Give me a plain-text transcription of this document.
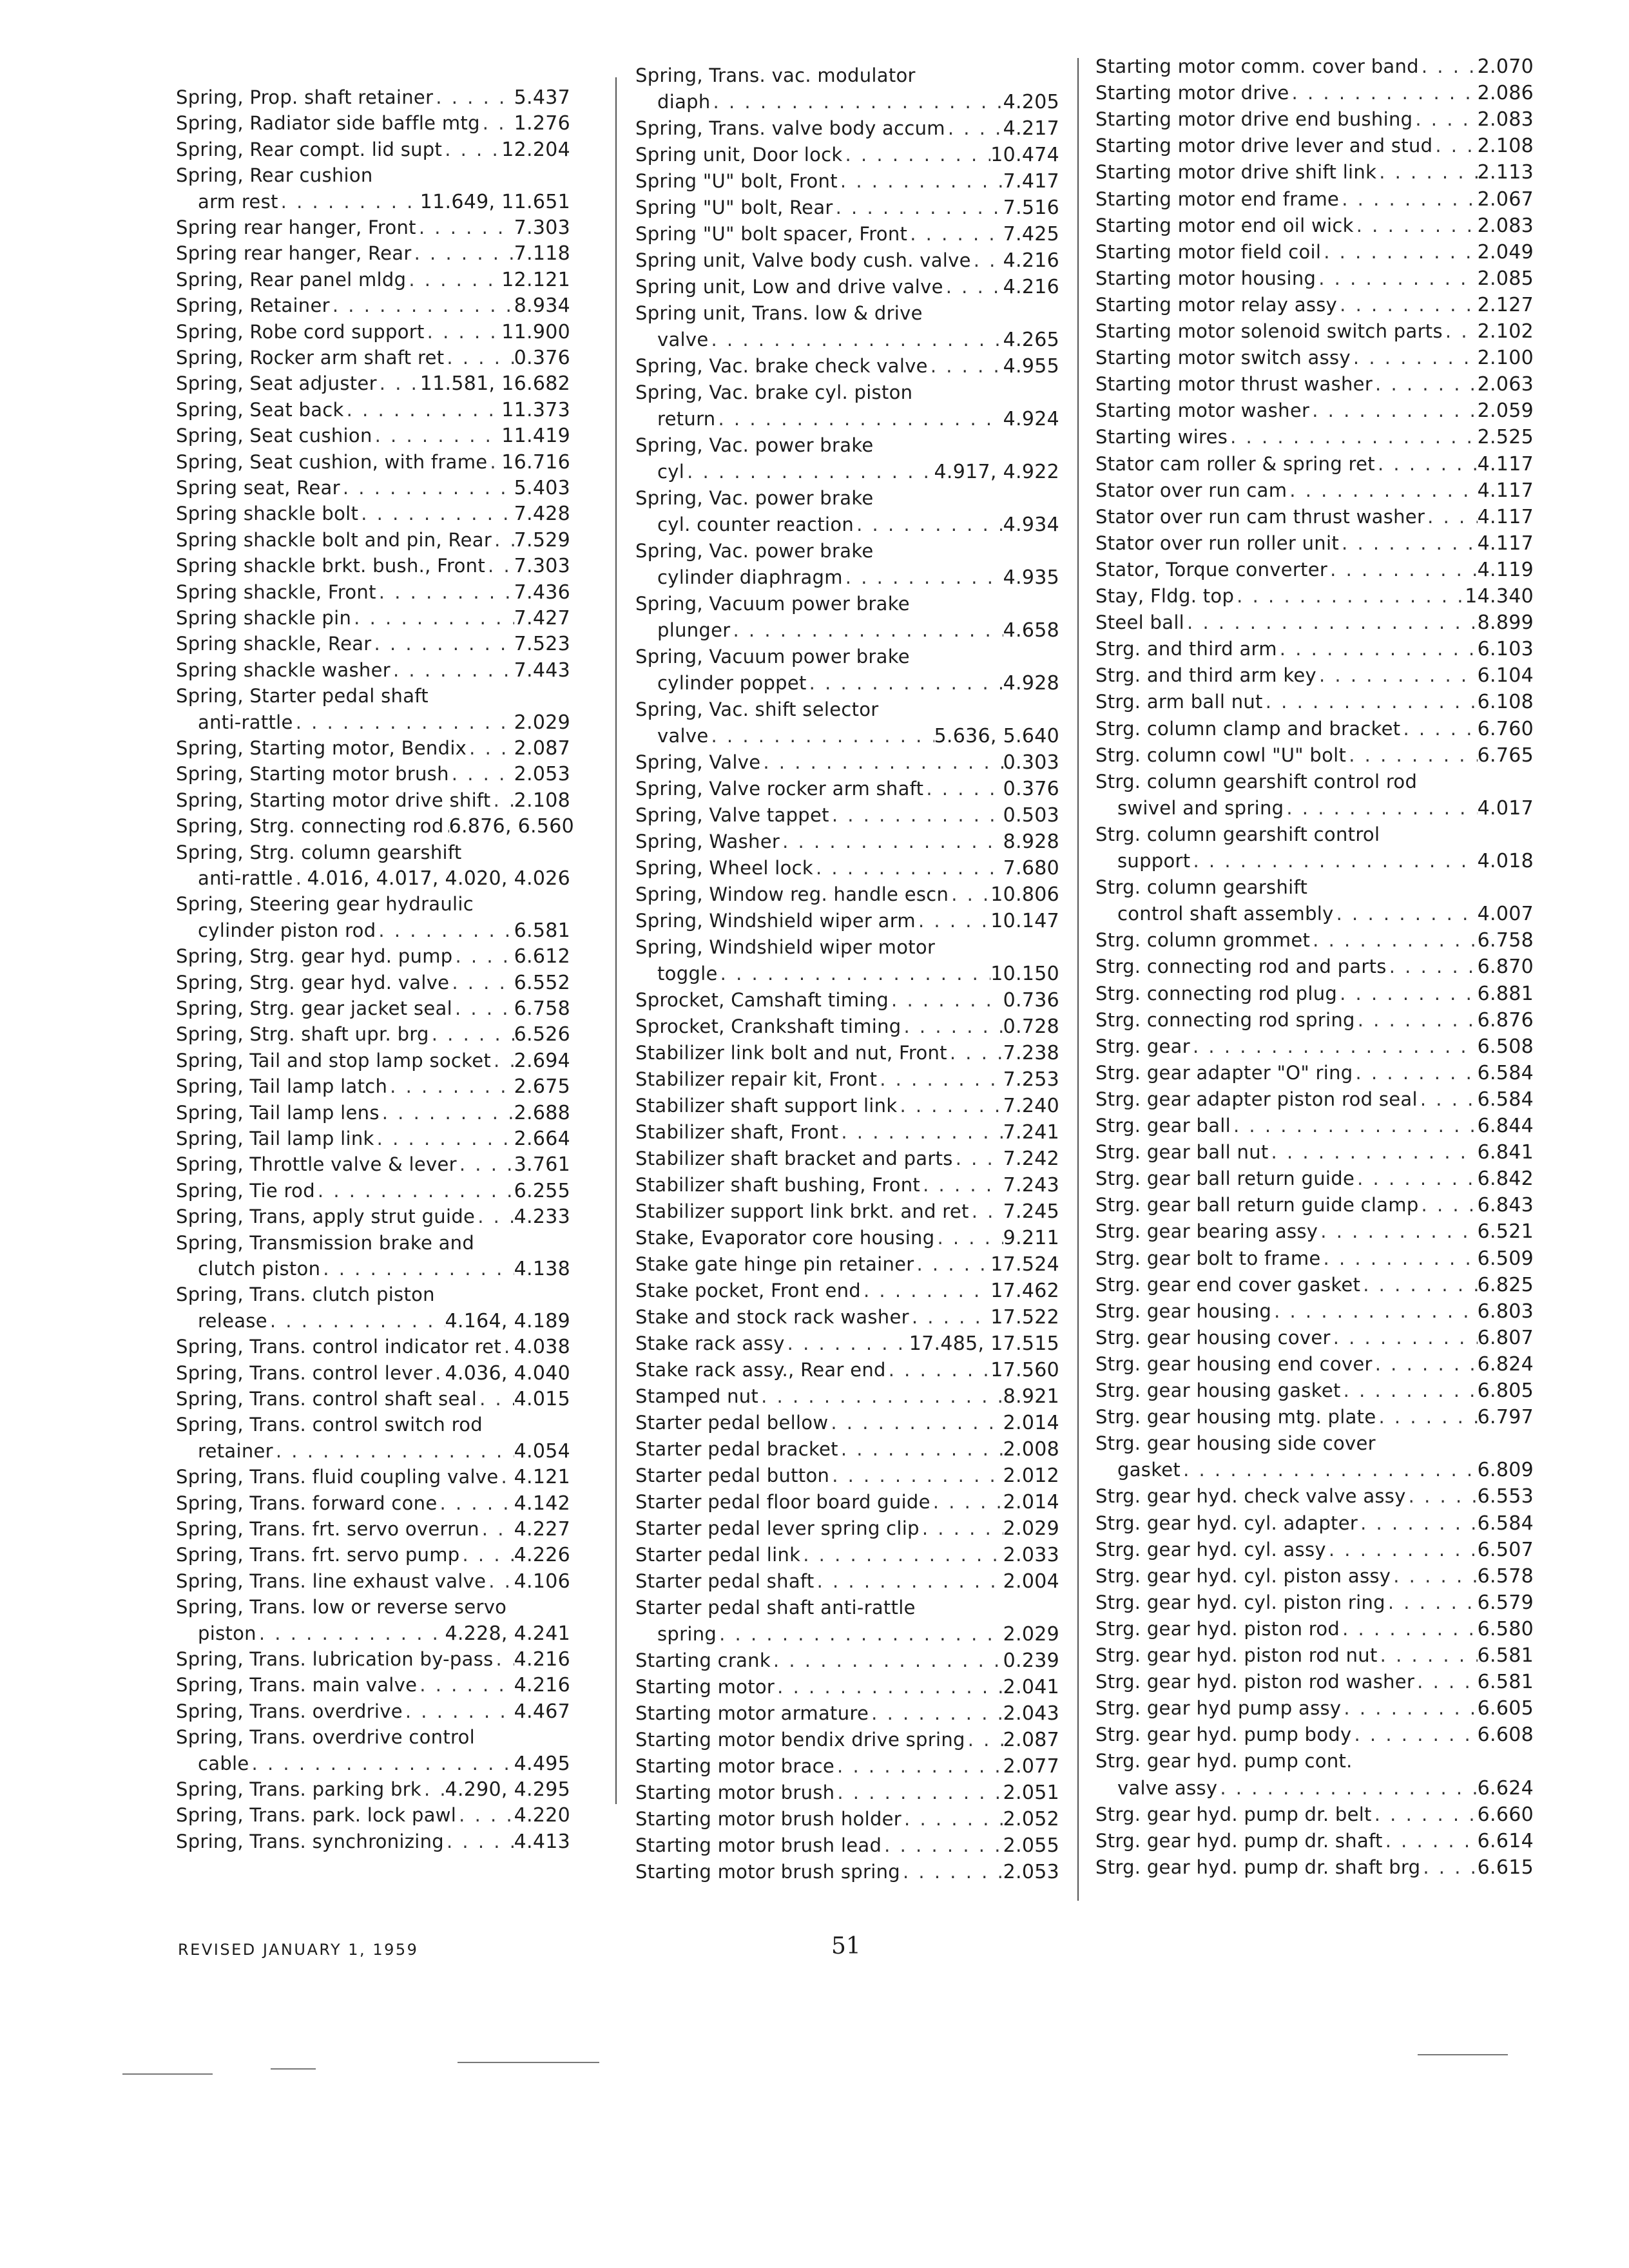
Spring, Prop. shaft retainer . . .	5.437
Spring, Radiator side baffle mtg . . . 1.276
Spring, Rear compt. lid supt . . .	12.204
Spring, Rear cushion
arm rest . . .	11.649, 11.651
Spring rear hanger, Front . . .	7.303
Spring rear hanger, Rear . . .	7.118
Spring, Rear panel mldg . . .	12.121
Spring, Retainer . . .	8.934
Spring, Robe cord support . . .	11.900
Spring, Rocker arm shaft ret . . .	0.376
Spring, Seat adjuster . . . 11.581, 16.682
Spring, Seat back . . .	11.373
Spring, Seat cushion . . .	11.419
Spring, Seat cushion, with frame . . . 16.716
Spring seat, Rear . . .	5.403
Spring shackle bolt . . .	7.428
Spring shackle bolt and pin, Rear . . . 7.529
Spring shackle brkt. bush., Front . . . 7.303
Spring shackle, Front . . .	7.436
Spring shackle pin . . .	7.427
Spring shackle, Rear . . .	7.523
Spring shackle washer . . .	7.443
Spring, Starter pedal shaft
anti-rattle . . .	2.029
Spring, Starting motor, Bendix . . . 2.087
Spring, Starting motor brush . . .	2.053
Spring, Starting motor drive shift . . . 2.108
Spring, Strg. connecting rod . . . 6.876, 6.560
Spring, Strg. column gearshift
anti-rattle . . . 4.016, 4.017, 4.020, 4.026
Spring, Steering gear hydraulic
cylinder piston rod . . .	6.581
Spring, Strg. gear hyd. pump . . .	6.612
Spring, Strg. gear hyd. valve . . .	6.552
Spring, Strg. gear jacket seal . . .	6.758
Spring, Strg. shaft upr. brg . . .	6.526
Spring, Tail and stop lamp socket . . . 2.694
Spring, Tail lamp latch . . .	2.675
Spring, Tail lamp lens . . .	2.688
Spring, Tail lamp link . . .	2.664
Spring, Throttle valve & lever . . .	3.761
Spring, Tie rod . . .	6.255
Spring, Trans, apply strut guide . . . 4.233
Spring, Transmission brake and
clutch piston . . .	4.138
Spring, Trans. clutch piston
release . . .	4.164, 4.189
Spring, Trans. control indicator ret . . . 4.038
Spring, Trans. control lever . . . 4.036, 4.040
Spring, Trans. control shaft seal . . . 4.015
Spring, Trans. control switch rod
retainer . . .	4.054
Spring, Trans. fluid coupling valve . . . 4.121
Spring, Trans. forward cone . . .	4.142
Spring, Trans. frt. servo overrun . . . 4.227
Spring, Trans. frt. servo pump . . .	4.226
Spring, Trans. line exhaust valve . . . 4.106
Spring, Trans. low or reverse servo
piston . . .	4.228, 4.241
Spring, Trans. lubrication by-pass . . . 4.216
Spring, Trans. main valve . . .	4.216
Spring, Trans. overdrive . . .	4.467
Spring, Trans. overdrive control
cable . . .	4.495
Spring, Trans. parking brk . . . 4.290, 4.295
Spring, Trans. park. lock pawl . . .	4.220
Spring, Trans. synchronizing . . .	4.413
Spring, Trans. vac. modulator
diaph . . .	4.205
Spring, Trans. valve body accum . . .	4.217
Spring unit, Door lock . . .	10.474
Spring "U" bolt, Front . . .	7.417
Spring "U" bolt, Rear . . .	7.516
Spring "U" bolt spacer, Front . . .	7.425
Spring unit, Valve body cush. valve . . . 4.216
Spring unit, Low and drive valve . . .	4.216
Spring unit, Trans. low & drive
valve . . .	4.265
Spring, Vac. brake check valve . . .	4.955
Spring, Vac. brake cyl. piston
return . . .	4.924
Spring, Vac. power brake
cyl . . .	4.917, 4.922
Spring, Vac. power brake
cyl. counter reaction . . .	4.934
Spring, Vac. power brake
cylinder diaphragm . . .	4.935
Spring, Vacuum power brake
plunger . . .	4.658
Spring, Vacuum power brake
cylinder poppet . . .	4.928
Spring, Vac. shift selector
valve . . .	5.636, 5.640
Spring, Valve . . .	0.303
Spring, Valve rocker arm shaft . . .	0.376
Spring, Valve tappet . . .	0.503
Spring, Washer . . .	8.928
Spring, Wheel lock . . .	7.680
Spring, Window reg. handle escn . . . 10.806
Spring, Windshield wiper arm . . .	10.147
Spring, Windshield wiper motor
toggle . . .	10.150
Sprocket, Camshaft timing . . .	0.736
Sprocket, Crankshaft timing . . .	0.728
Stabilizer link bolt and nut, Front . . .	7.238
Stabilizer repair kit, Front . . .	7.253
Stabilizer shaft support link . . .	7.240
Stabilizer shaft, Front . . .	7.241
Stabilizer shaft bracket and parts . . .	7.242
Stabilizer shaft bushing, Front . . .	7.243
Stabilizer support link brkt. and ret . . . 7.245
Stake, Evaporator core housing . . .	9.211
Stake gate hinge pin retainer . . .	17.524
Stake pocket, Front end . . .	17.462
Stake and stock rack washer . . .	17.522
Stake rack assy . . .	17.485, 17.515
Stake rack assy., Rear end . . .	17.560
Stamped nut . . .	8.921
Starter pedal bellow . . .	2.014
Starter pedal bracket . . .	2.008
Starter pedal button . . .	2.012
Starter pedal floor board guide . . .	2.014
Starter pedal lever spring clip . . .	2.029
Starter pedal link . . .	2.033
Starter pedal shaft . . .	2.004
Starter pedal shaft anti-rattle
spring . . .	2.029
Starting crank . . .	0.239
Starting motor . . .	2.041
Starting motor armature . . .	2.043
Starting motor bendix drive spring . . . 2.087
Starting motor brace . . .	2.077
Starting motor brush . . .	2.051
Starting motor brush holder . . .	2.052
Starting motor brush lead . . .	2.055
Starting motor brush spring . . .	2.053
Starting motor comm. cover band . . .	2.070
Starting motor drive . . .	2.086
Starting motor drive end bushing . . .	2.083
Starting motor drive lever and stud . . . 2.108
Starting motor drive shift link . . .	2.113
Starting motor end frame . . .	2.067
Starting motor end oil wick . . .	2.083
Starting motor field coil . . .	2.049
Starting motor housing . . .	2.085
Starting motor relay assy . . .	2.127
Starting motor solenoid switch parts . . . 2.102
Starting motor switch assy . . .	2.100
Starting motor thrust washer . . .	2.063
Starting motor washer . . .	2.059
Starting wires . . .	2.525
Stator cam roller & spring ret . . .	4.117
Stator over run cam . . .	4.117
Stator over run cam thrust washer . . .	4.117
Stator over run roller unit . . .	4.117
Stator, Torque converter . . .	4.119
Stay, Fldg. top . . .	14.340
Steel ball . . .	8.899
Strg. and third arm . . .	6.103
Strg. and third arm key . . .	6.104
Strg. arm ball nut . . .	6.108
Strg. column clamp and bracket . . .	6.760
Strg. column cowl "U" bolt . . .	6.765
Strg. column gearshift control rod
swivel and spring . . .	4.017
Strg. column gearshift control
support . . .	4.018
Strg. column gearshift
control shaft assembly . . .	4.007
Strg. column grommet . . .	6.758
Strg. connecting rod and parts . . .	6.870
Strg. connecting rod plug . . .	6.881
Strg. connecting rod spring . . .	6.876
Strg. gear . . .	6.508
Strg. gear adapter "O" ring . . .	6.584
Strg. gear adapter piston rod seal . . .	6.584
Strg. gear ball . . .	6.844
Strg. gear ball nut . . .	6.841
Strg. gear ball return guide . . .	6.842
Strg. gear ball return guide clamp . . .	6.843
Strg. gear bearing assy . . .	6.521
Strg. gear bolt to frame . . .	6.509
Strg. gear end cover gasket . . .	6.825
Strg. gear housing . . .	6.803
Strg. gear housing cover . . .	6.807
Strg. gear housing end cover . . .	6.824
Strg. gear housing gasket . . .	6.805
Strg. gear housing mtg. plate . . .	6.797
Strg. gear housing side cover
gasket . . .	6.809
Strg. gear hyd. check valve assy . . .	6.553
Strg. gear hyd. cyl. adapter . . .	6.584
Strg. gear hyd. cyl. assy . . .	6.507
Strg. gear hyd. cyl. piston assy . . .	6.578
Strg. gear hyd. cyl. piston ring . . .	6.579
Strg. gear hyd. piston rod . . .	6.580
Strg. gear hyd. piston rod nut . . .	6.581
Strg. gear hyd. piston rod washer . . .	6.581
Strg. gear hyd pump assy . . .	6.605
Strg. gear hyd. pump body . . .	6.608
Strg. gear hyd. pump cont.
valve assy . . .	6.624
Strg. gear hyd. pump dr. belt . . .	6.660
Strg. gear hyd. pump dr. shaft . . .	6.614
Strg. gear hyd. pump dr. shaft brg . . .	6.615
REVISED JANUARY 1, 1959	51
